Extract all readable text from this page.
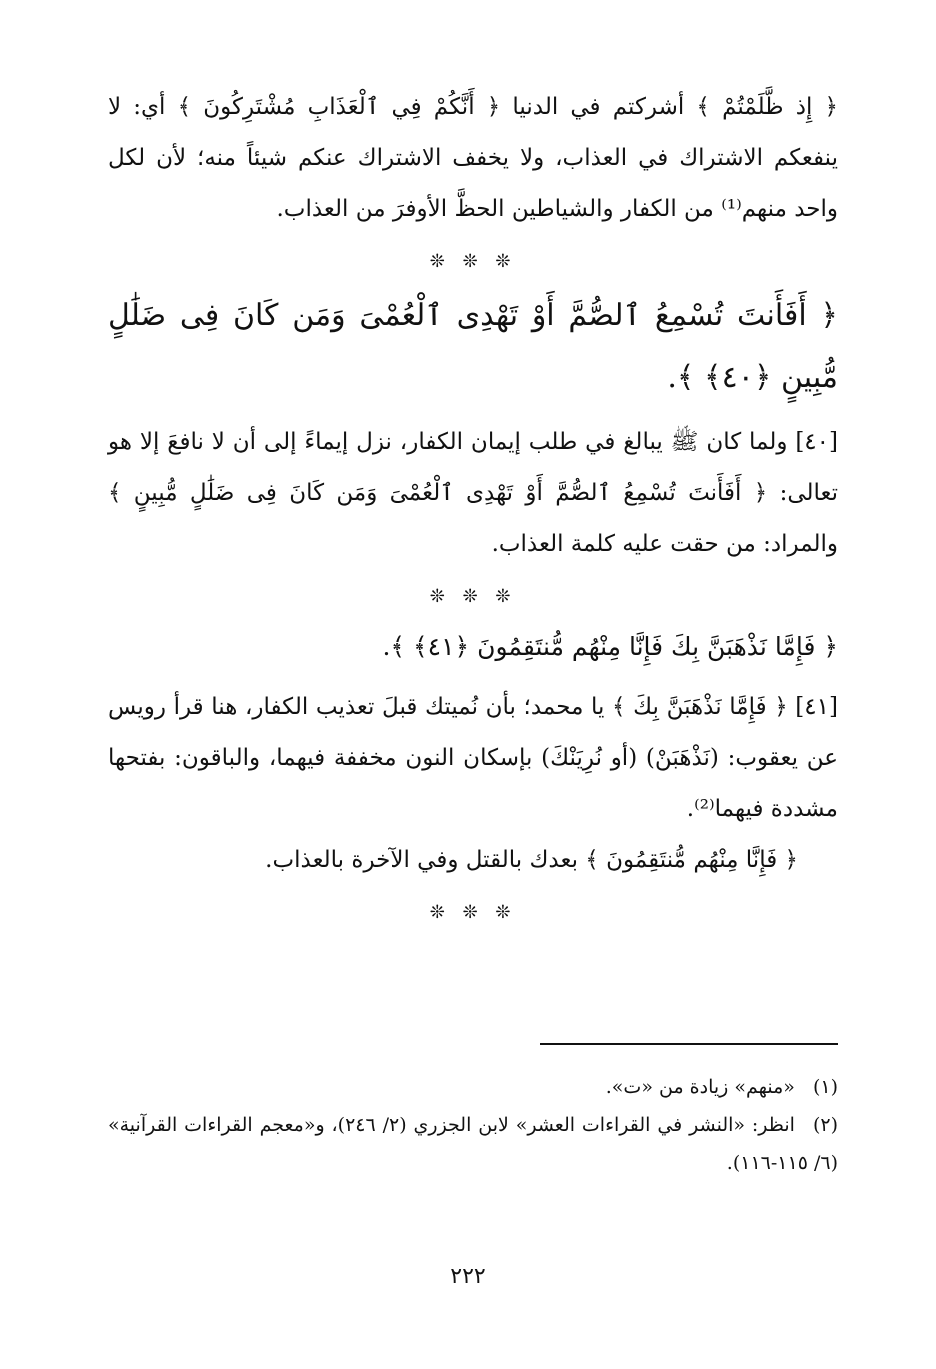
﴿ إِذ ظَّلَمْتُمْ ﴾ أشركتم في الدنيا ﴿ أَنَّكُمْ فِي ٱلْعَذَابِ مُشْتَرِكُونَ ﴾ أي: لا ينفعكم الاشتراك في العذاب، ولا يخفف الاشتراك عنكم شيئاً منه؛ لأن لكل واحد منهم⁽¹⁾ من الكفار والشياطين الحظَّ الأوفرَ من العذاب.

❊ ❊ ❊

﴿ أَفَأَنتَ تُسْمِعُ ٱلصُّمَّ أَوْ تَهْدِى ٱلْعُمْىَ وَمَن كَانَ فِى ضَلَٰلٍ مُّبِينٍ ﴿٤٠﴾ ﴾.

[٤٠] ولما كان ﷺ يبالغ في طلب إيمان الكفار، نزل إيماءً إلى أن لا نافعَ إلا هو تعالى: ﴿ أَفَأَنتَ تُسْمِعُ ٱلصُّمَّ أَوْ تَهْدِى ٱلْعُمْىَ وَمَن كَانَ فِى ضَلَٰلٍ مُّبِينٍ ﴾ والمراد: من حقت عليه كلمة العذاب.

❊ ❊ ❊

﴿ فَإِمَّا نَذْهَبَنَّ بِكَ فَإِنَّا مِنْهُم مُّنتَقِمُونَ ﴿٤١﴾ ﴾.

[٤١] ﴿ فَإِمَّا نَذْهَبَنَّ بِكَ ﴾ يا محمد؛ بأن نُميتك قبلَ تعذيب الكفار، هنا قرأ رويس عن يعقوب: (نَذْهَبَنْ) (أو نُرِيَنْكَ) بإسكان النون مخففة فيهما، والباقون: بفتحها مشددة فيهما⁽²⁾.

﴿ فَإِنَّا مِنْهُم مُّنتَقِمُونَ ﴾ بعدك بالقتل وفي الآخرة بالعذاب.

❊ ❊ ❊

(١)«منهم» زيادة من «ت».

(٢)انظر: «النشر في القراءات العشر» لابن الجزري (٢/ ٢٤٦)، و«معجم القراءات القرآنية» (٦/ ١١٥-١١٦).

٢٢٢
